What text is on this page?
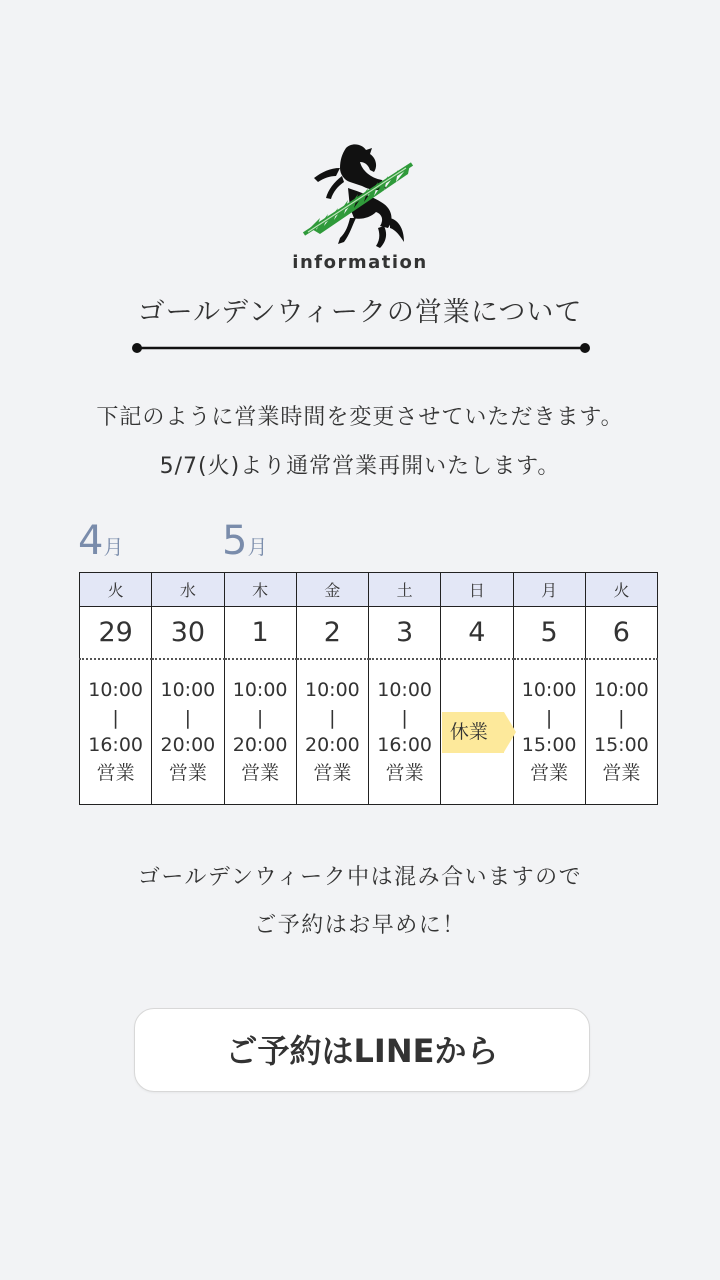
information
ゴールデンウィークの営業について
下記のように営業時間を変更させていただきます。
5/7(火)より通常営業再開いたします。
4月 5月
火	水	木	金	土	日	月	火
29	30	1	2	3	4	5	6

10:00
|
16:00
営業	10:00
|
20:00
営業	10:00
|
20:00
営業	10:00
|
20:00
営業	10:00
|
16:00
営業	休業	10:00
|
15:00
営業	10:00
|
15:00
営業
ゴールデンウィーク中は混み合いますので
ご予約はお早めに！
ご予約はLINEから
